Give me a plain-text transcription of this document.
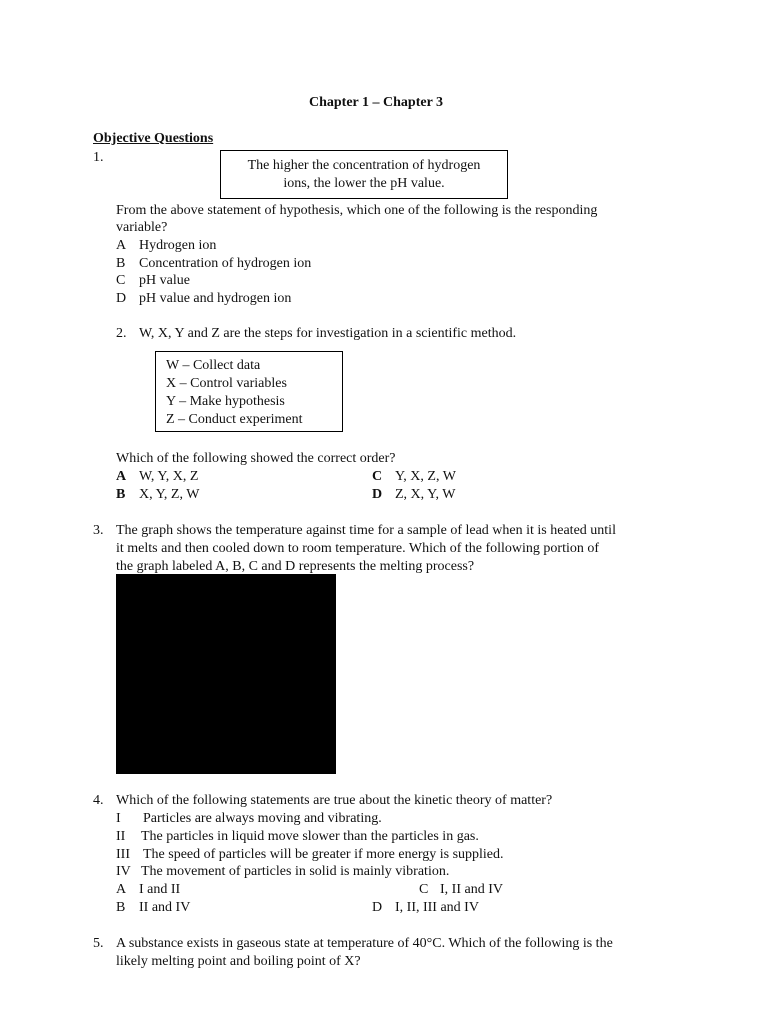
Chapter 1 – Chapter 3
Objective Questions
1.
The higher the concentration of hydrogen
ions, the lower the pH value.
From the above statement of hypothesis, which one of the following is the responding
variable?
A Hydrogen ion
B Concentration of hydrogen ion
C pH value
D pH value and hydrogen ion
2. W, X, Y and Z are the steps for investigation in a scientific method.
W – Collect data
X – Control variables
Y – Make hypothesis
Z – Conduct experiment
Which of the following showed the correct order?
A W, Y, X, Z	C Y, X, Z, W
B X, Y, Z, W	D Z, X, Y, W
3. The graph shows the temperature against time for a sample of lead when it is heated until
it melts and then cooled down to room temperature. Which of the following portion of
the graph labeled A, B, C and D represents the melting process?
4. Which of the following statements are true about the kinetic theory of matter?
I Particles are always moving and vibrating.
II The particles in liquid move slower than the particles in gas.
III The speed of particles will be greater if more energy is supplied.
IV The movement of particles in solid is mainly vibration.
A I and II	C I, II and IV
B II and IV	D I, II, III and IV
5. A substance exists in gaseous state at temperature of 40°C. Which of the following is the
likely melting point and boiling point of X?
